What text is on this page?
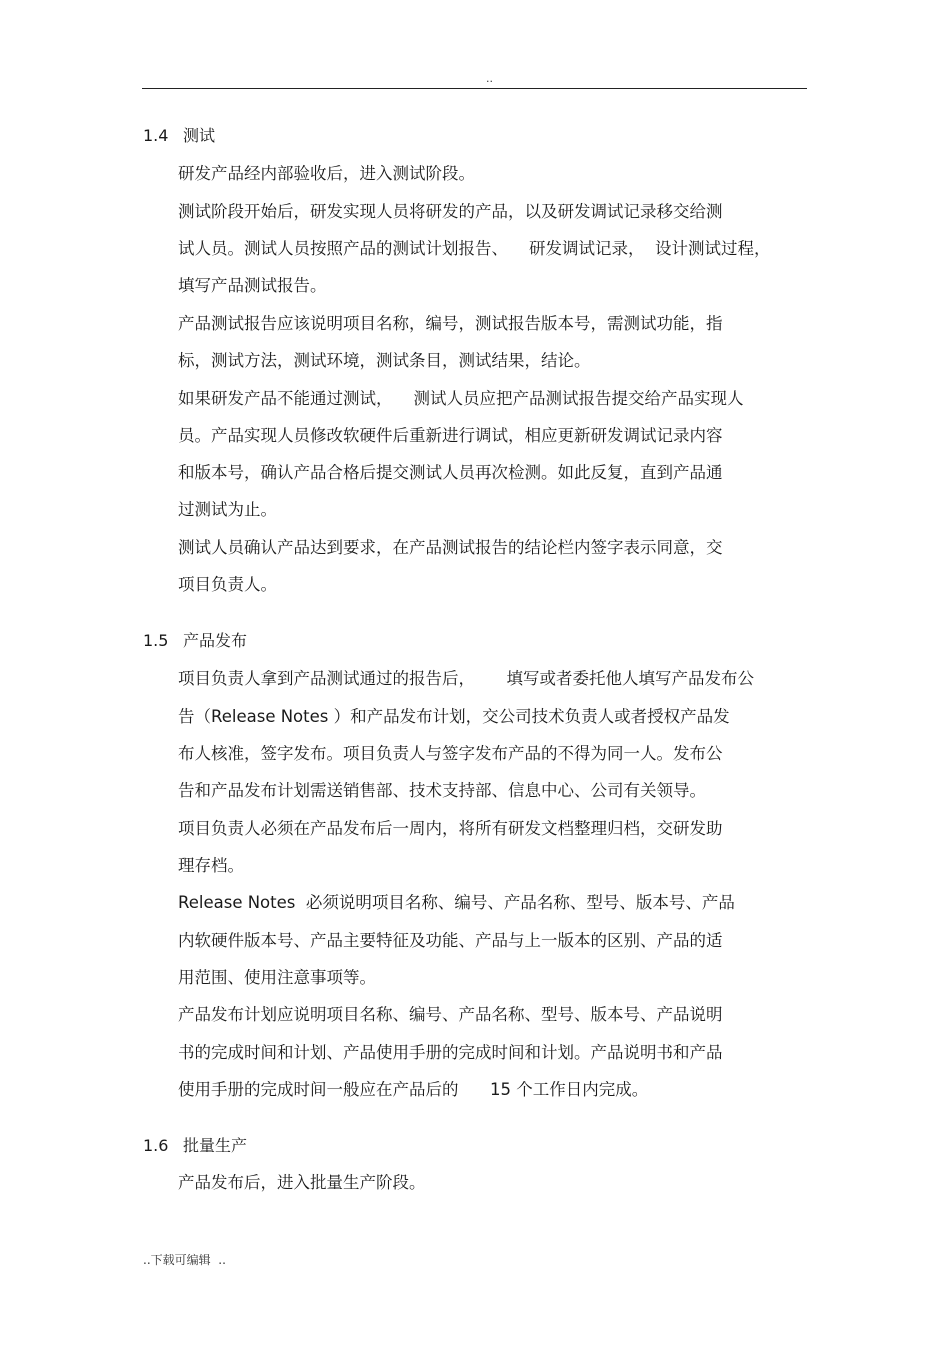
..
1.4 测试

研发产品经内部验收后，进入测试阶段。

测试阶段开始后，研发实现人员将研发的产品，以及研发调试记录移交给测

试人员。测试人员按照产品的测试计划报告、    研发调试记录，  设计测试过程，

填写产品测试报告。

产品测试报告应该说明项目名称，编号，测试报告版本号，需测试功能，指

标，测试方法，测试环境，测试条目，测试结果，结论。

如果研发产品不能通过测试，    测试人员应把产品测试报告提交给产品实现人

员。产品实现人员修改软硬件后重新进行调试，相应更新研发调试记录内容

和版本号，确认产品合格后提交测试人员再次检测。如此反复，直到产品通

过测试为止。

测试人员确认产品达到要求，在产品测试报告的结论栏内签字表示同意，交

项目负责人。

1.5 产品发布

项目负责人拿到产品测试通过的报告后，      填写或者委托他人填写产品发布公

告（Release Notes ）和产品发布计划，交公司技术负责人或者授权产品发

布人核准，签字发布。项目负责人与签字发布产品的不得为同一人。发布公

告和产品发布计划需送销售部、技术支持部、信息中心、公司有关领导。

项目负责人必须在产品发布后一周内，将所有研发文档整理归档，交研发助

理存档。

Release Notes  必须说明项目名称、编号、产品名称、型号、版本号、产品

内软硬件版本号、产品主要特征及功能、产品与上一版本的区别、产品的适

用范围、使用注意事项等。

产品发布计划应说明项目名称、编号、产品名称、型号、版本号、产品说明

书的完成时间和计划、产品使用手册的完成时间和计划。产品说明书和产品

使用手册的完成时间一般应在产品后的      15 个工作日内完成。

1.6 批量生产

产品发布后，进入批量生产阶段。

..下载可编辑  ..
